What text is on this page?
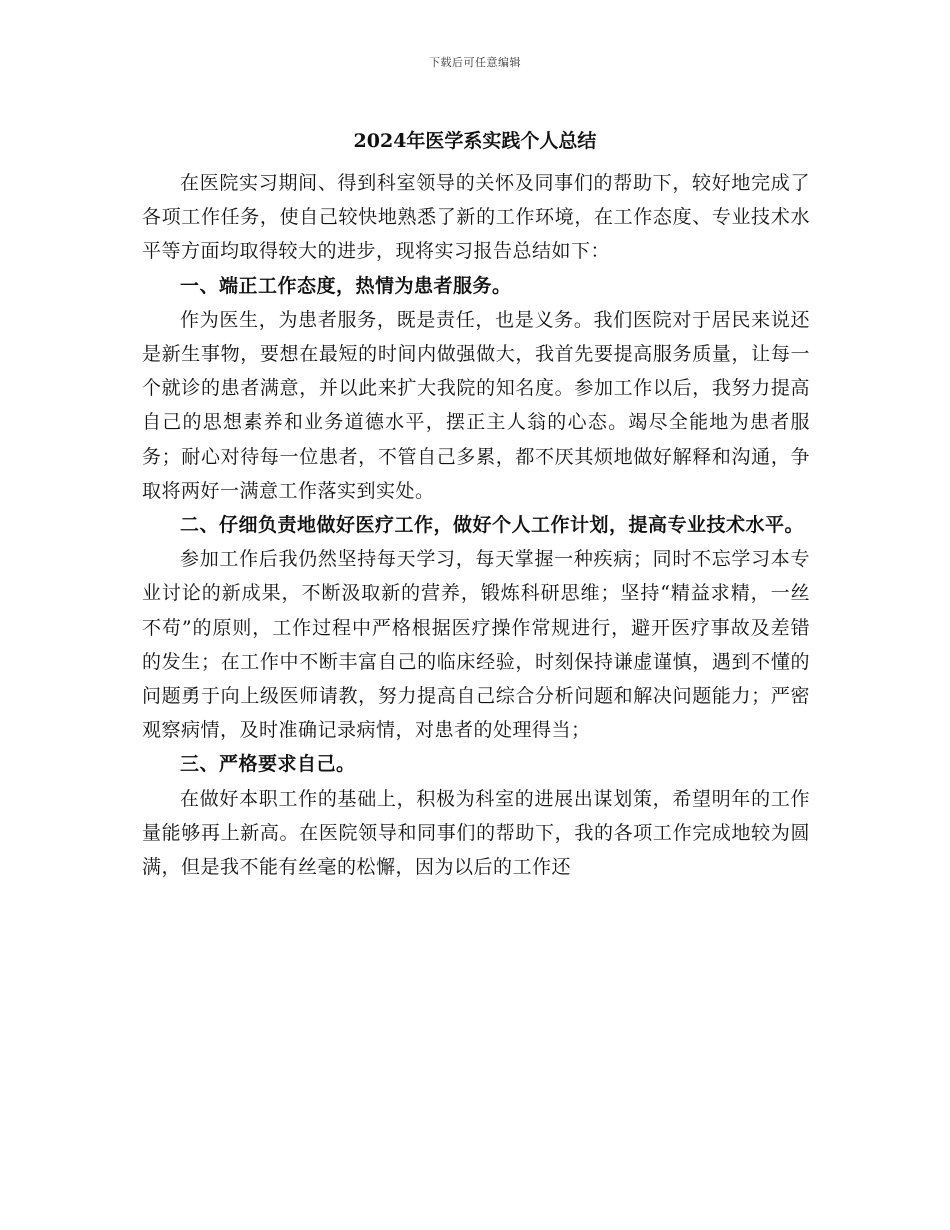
下载后可任意编辑
2024年医学系实践个人总结

在医院实习期间、得到科室领导的关怀及同事们的帮助下，较好地完成了各项工作任务，使自己较快地熟悉了新的工作环境，在工作态度、专业技术水平等方面均取得较大的进步，现将实习报告总结如下：

一、端正工作态度，热情为患者服务。

作为医生，为患者服务，既是责任，也是义务。我们医院对于居民来说还是新生事物，要想在最短的时间内做强做大，我首先要提高服务质量，让每一个就诊的患者满意，并以此来扩大我院的知名度。参加工作以后，我努力提高自己的思想素养和业务道德水平，摆正主人翁的心态。竭尽全能地为患者服务；耐心对待每一位患者，不管自己多累，都不厌其烦地做好解释和沟通，争取将两好一满意工作落实到实处。

二、仔细负责地做好医疗工作，做好个人工作计划，提高专业技术水平。

参加工作后我仍然坚持每天学习，每天掌握一种疾病；同时不忘学习本专业讨论的新成果，不断汲取新的营养，锻炼科研思维；坚持“精益求精，一丝不苟”的原则，工作过程中严格根据医疗操作常规进行，避开医疗事故及差错的发生；在工作中不断丰富自己的临床经验，时刻保持谦虚谨慎，遇到不懂的问题勇于向上级医师请教，努力提高自己综合分析问题和解决问题能力；严密观察病情，及时准确记录病情，对患者的处理得当；

三、严格要求自己。

在做好本职工作的基础上，积极为科室的进展出谋划策，希望明年的工作量能够再上新高。在医院领导和同事们的帮助下，我的各项工作完成地较为圆满，但是我不能有丝毫的松懈，因为以后的工作还
